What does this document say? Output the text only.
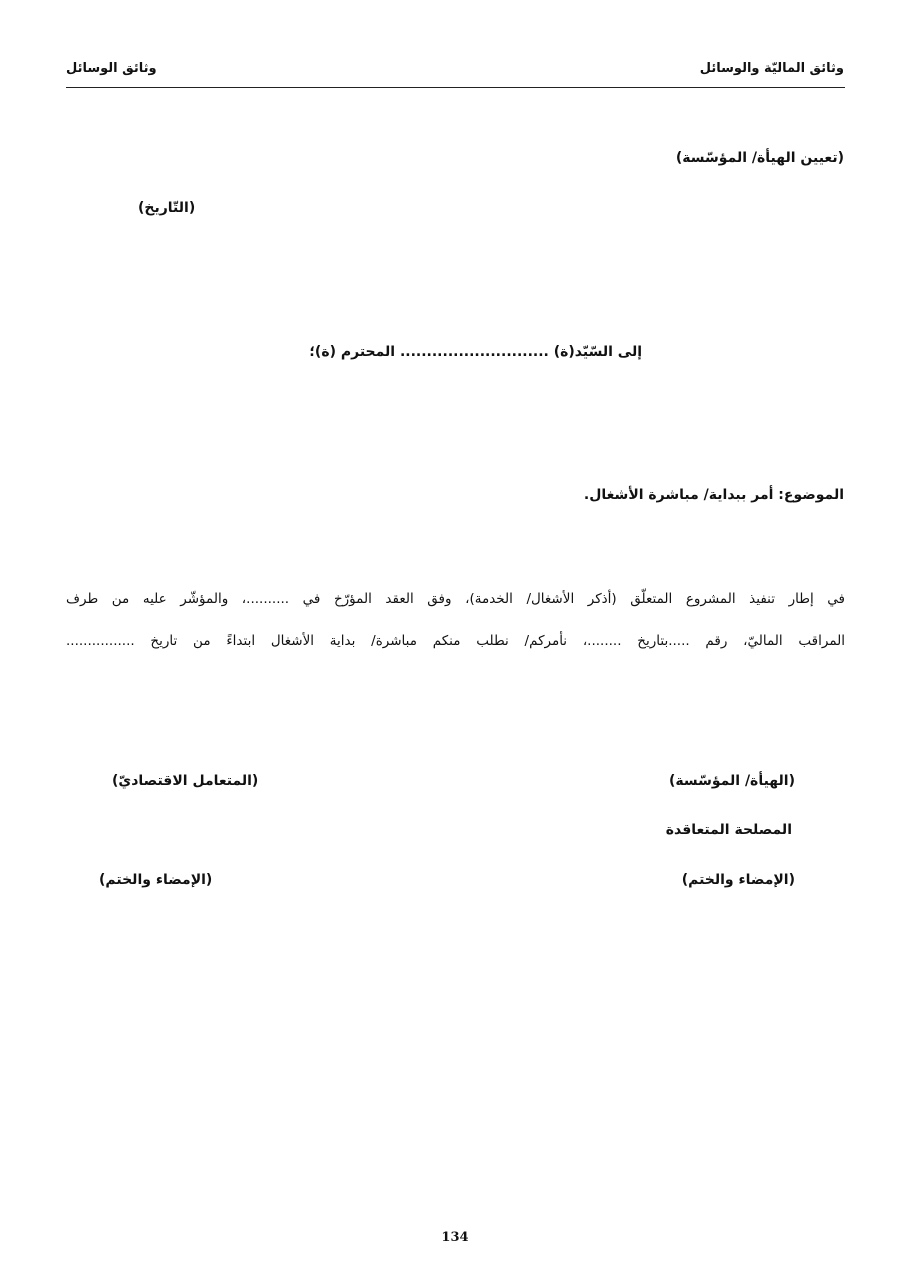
وثائق الماليّة والوسائل
وثائق الوسائل
(تعيين الهيأة/ المؤسّسة)
(التّاريخ)
إلى السّيّد(ة) ............................ المحترم (ة)؛
الموضوع: أمر ببداية/ مباشرة الأشغال.
في إطار تنفيذ المشروع المتعلّق (أذكر الأشغال/ الخدمة)، وفق العقد المؤرّخ في ..........، والمؤشّر عليه من طرف
المراقب الماليّ، رقم .....بتاريخ ........، نأمركم/ نطلب منكم مباشرة/ بداية الأشغال ابتداءً من تاريخ ................
(الهيأة/ المؤسّسة)
المصلحة المتعاقدة
(الإمضاء والختم)
(المتعامل الاقتصاديّ)
(الإمضاء والختم)
134
